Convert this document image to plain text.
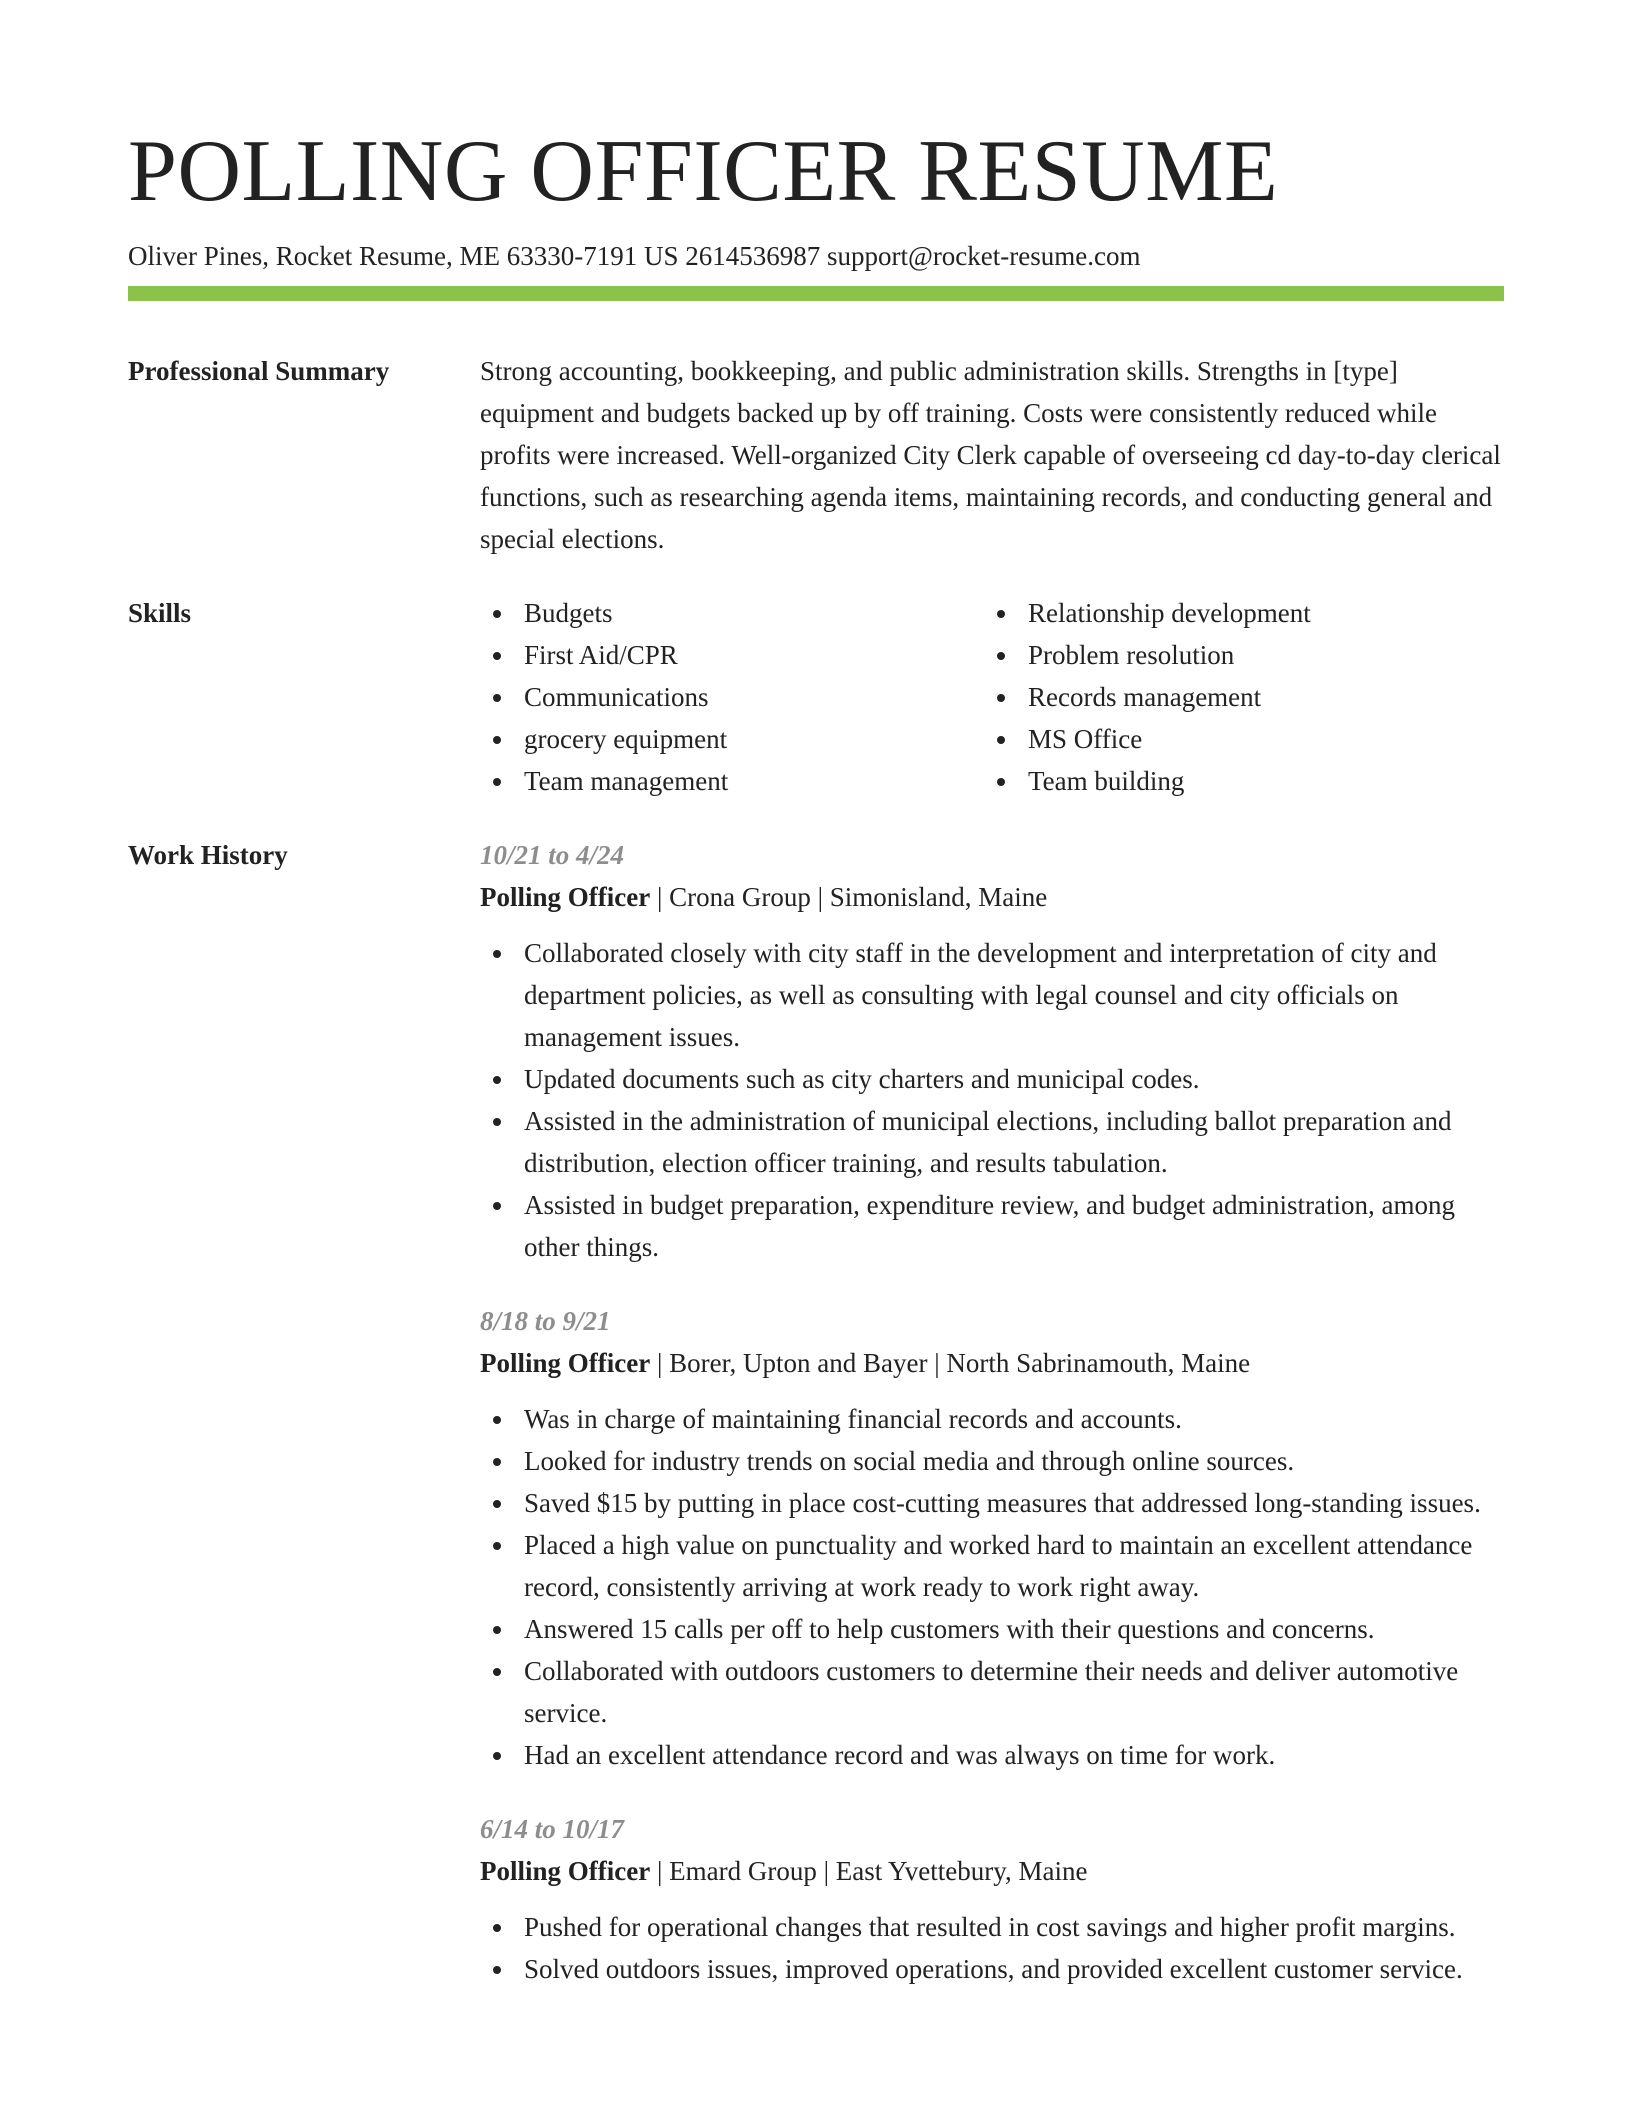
POLLING OFFICER RESUME
Oliver Pines, Rocket Resume, ME 63330-7191 US 2614536987 support@rocket-resume.com
Professional Summary	Strong accounting, bookkeeping, and public administration skills. Strengths in [type] equipment and budgets backed up by off training. Costs were consistently reduced while profits were increased. Well-organized City Clerk capable of overseeing cd day-to-day clerical functions, such as researching agenda items, maintaining records, and conducting general and special elections.
Skills	Budgets
First Aid/CPR
Communications
grocery equipment
Team management
Relationship development
Problem resolution
Records management
MS Office
Team building
Work History	10/21 to 4/24
Polling Officer | Crona Group | Simonisland, Maine
Collaborated closely with city staff in the development and interpretation of city and department policies, as well as consulting with legal counsel and city officials on management issues.
Updated documents such as city charters and municipal codes.
Assisted in the administration of municipal elections, including ballot preparation and distribution, election officer training, and results tabulation.
Assisted in budget preparation, expenditure review, and budget administration, among other things.
8/18 to 9/21
Polling Officer | Borer, Upton and Bayer | North Sabrinamouth, Maine
Was in charge of maintaining financial records and accounts.
Looked for industry trends on social media and through online sources.
Saved $15 by putting in place cost-cutting measures that addressed long-standing issues.
Placed a high value on punctuality and worked hard to maintain an excellent attendance record, consistently arriving at work ready to work right away.
Answered 15 calls per off to help customers with their questions and concerns.
Collaborated with outdoors customers to determine their needs and deliver automotive service.
Had an excellent attendance record and was always on time for work.
6/14 to 10/17
Polling Officer | Emard Group | East Yvettebury, Maine
Pushed for operational changes that resulted in cost savings and higher profit margins.
Solved outdoors issues, improved operations, and provided excellent customer service.
